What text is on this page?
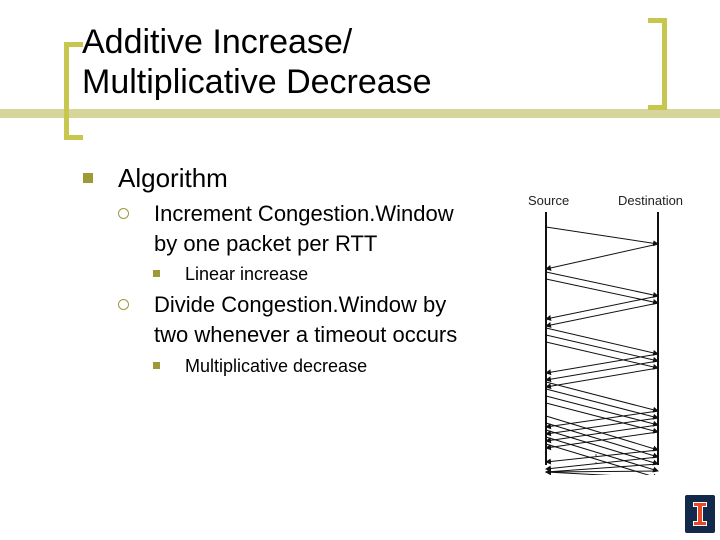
Additive Increase/
Multiplicative Decrease
Algorithm
Increment Congestion.Window
by one packet per RTT
Linear increase
Divide Congestion.Window by
two whenever a timeout occurs
Multiplicative decrease
Source	Destination
